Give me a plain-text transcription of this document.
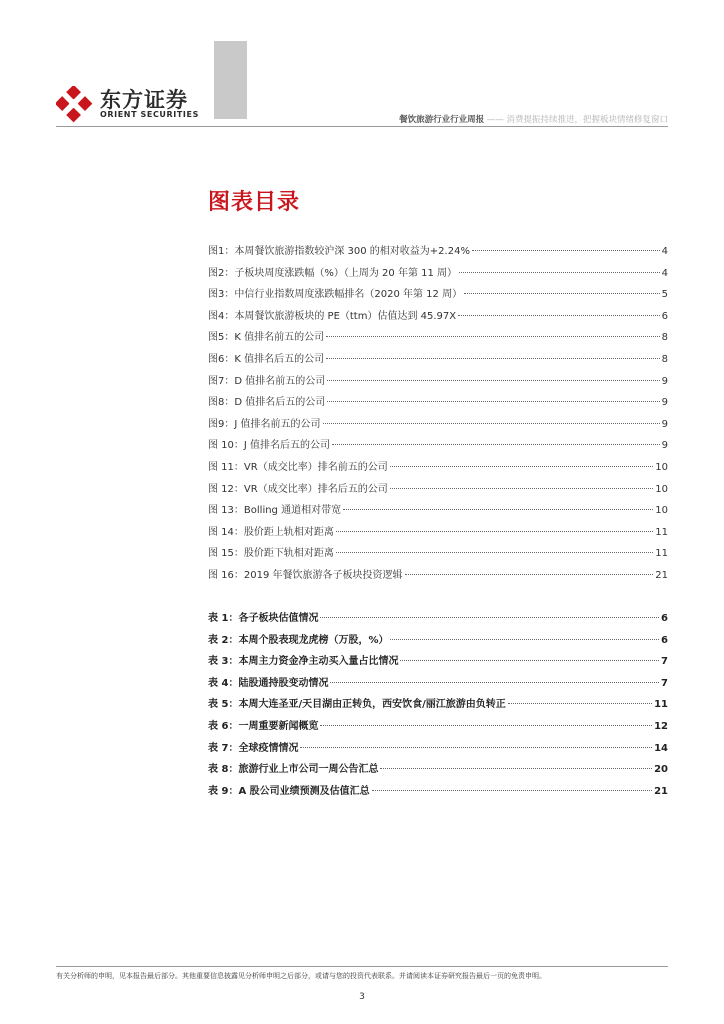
东方证券
ORIENT SECURITIES
餐饮旅游行业行业周报 —— 消费提振持续推进，把握板块情绪修复窗口
图表目录
图1：本周餐饮旅游指数较沪深 300 的相对收益为+2.24%	4
图2：子板块周度涨跌幅（%）（上周为 20 年第 11 周）	4
图3：中信行业指数周度涨跌幅排名（2020 年第 12 周）	5
图4：本周餐饮旅游板块的 PE（ttm）估值达到 45.97X	6
图5：K 值排名前五的公司	8
图6：K 值排名后五的公司	8
图7：D 值排名前五的公司	9
图8：D 值排名后五的公司	9
图9：J 值排名前五的公司	9
图 10：J 值排名后五的公司	9
图 11：VR（成交比率）排名前五的公司	10
图 12：VR（成交比率）排名后五的公司	10
图 13：Bolling 通道相对带宽	10
图 14：股价距上轨相对距离	11
图 15：股价距下轨相对距离	11
图 16：2019 年餐饮旅游各子板块投资逻辑	21
表 1：各子板块估值情况	6
表 2：本周个股表现龙虎榜（万股，%）	6
表 3：本周主力资金净主动买入量占比情况	7
表 4：陆股通持股变动情况	7
表 5：本周大连圣亚/天目湖由正转负，西安饮食/丽江旅游由负转正	11
表 6：一周重要新闻概览	12
表 7：全球疫情情况	14
表 8：旅游行业上市公司一周公告汇总	20
表 9：A 股公司业绩预测及估值汇总	21
有关分析师的申明，见本报告最后部分。其他重要信息披露见分析师申明之后部分，或请与您的投资代表联系。并请阅读本证券研究报告最后一页的免责申明。
3
